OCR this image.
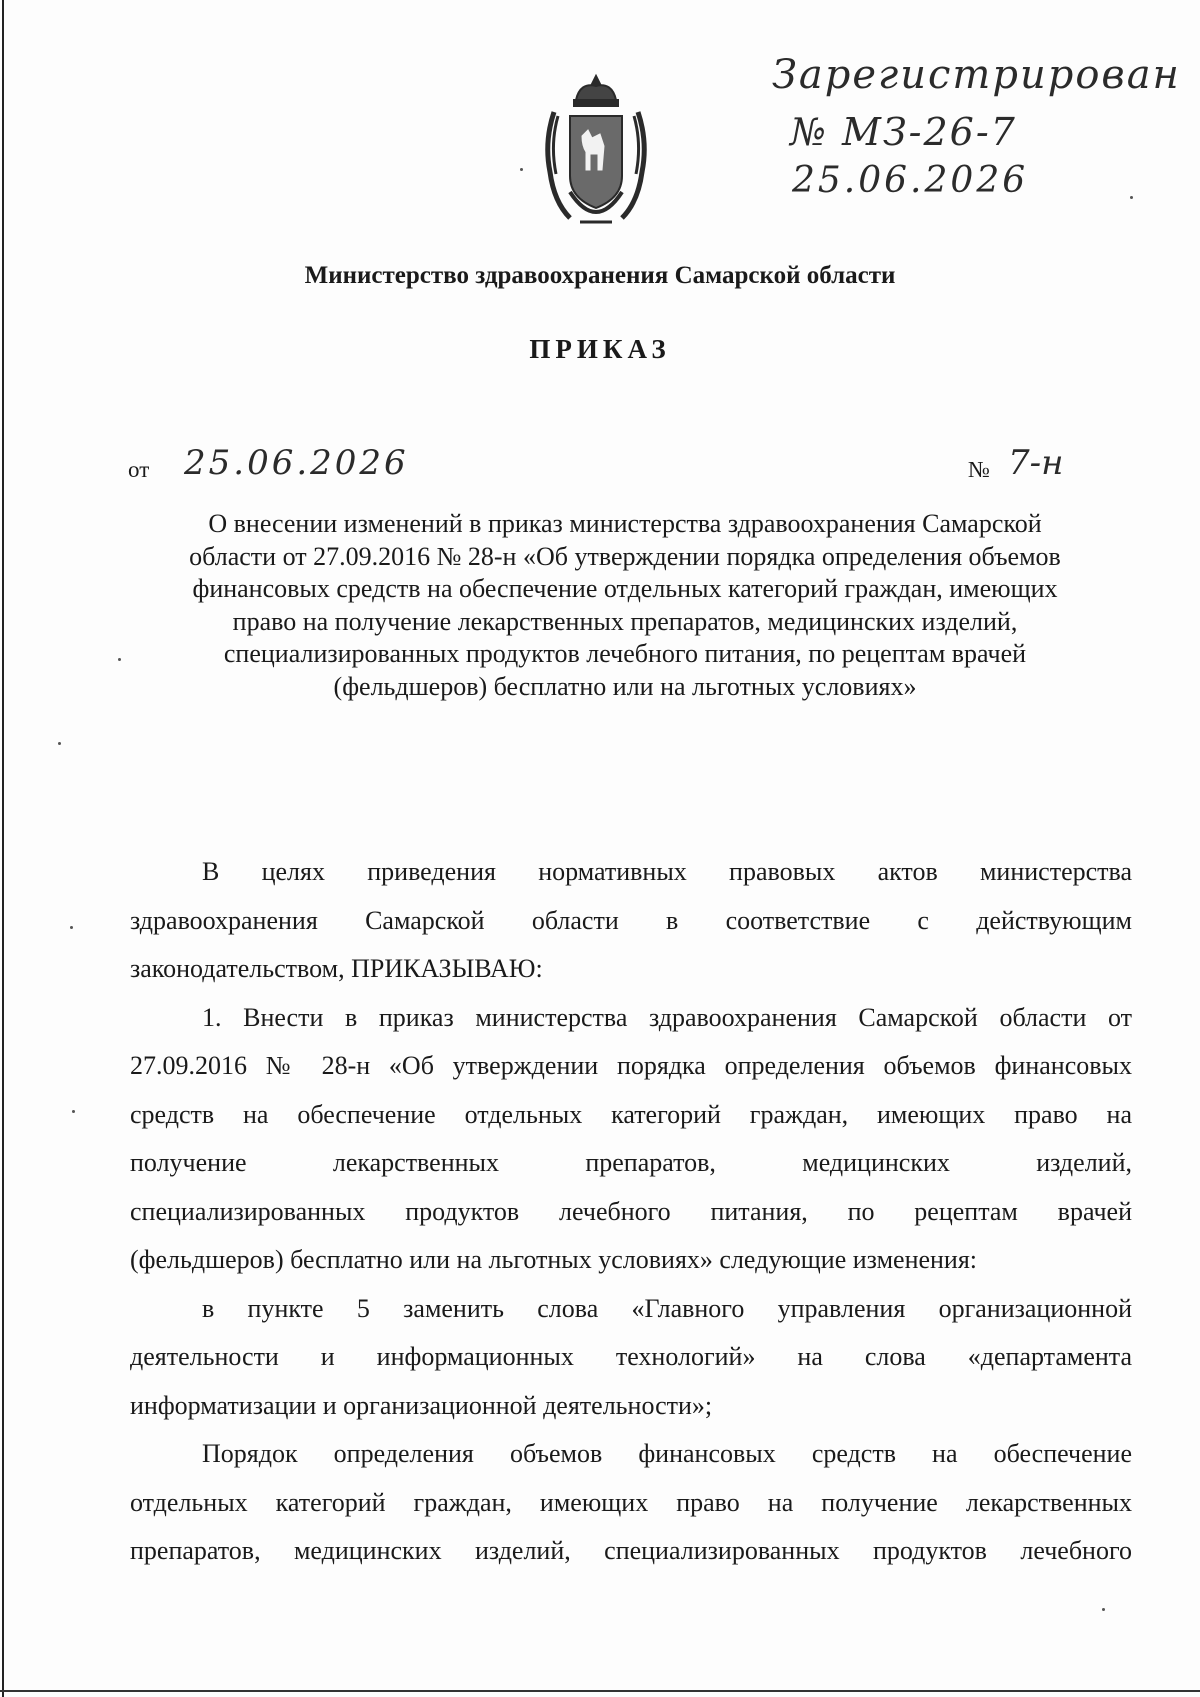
Зарегистрирован
№ МЗ-26-7
25.06.2026
Министерство здравоохранения Самарской области
ПРИКАЗ
от 25.06.2026	№ 7-н
О внесении изменений в приказ министерства здравоохранения Самарской
области от 27.09.2016 № 28-н «Об утверждении порядка определения объемов
финансовых средств на обеспечение отдельных категорий граждан, имеющих
право на получение лекарственных препаратов, медицинских изделий,
специализированных продуктов лечебного питания, по рецептам врачей
(фельдшеров) бесплатно или на льготных условиях»
В целях приведения нормативных правовых актов министерства
здравоохранения Самарской области в соответствие с действующим
законодательством, ПРИКАЗЫВАЮ:
1. Внести в приказ министерства здравоохранения Самарской области от
27.09.2016 № 28-н «Об утверждении порядка определения объемов финансовых
средств на обеспечение отдельных категорий граждан, имеющих право на
получение лекарственных препаратов, медицинских изделий,
специализированных продуктов лечебного питания, по рецептам врачей
(фельдшеров) бесплатно или на льготных условиях» следующие изменения:
в пункте 5 заменить слова «Главного управления организационной
деятельности и информационных технологий» на слова «департамента
информатизации и организационной деятельности»;
Порядок определения объемов финансовых средств на обеспечение
отдельных категорий граждан, имеющих право на получение лекарственных
препаратов, медицинских изделий, специализированных продуктов лечебного
